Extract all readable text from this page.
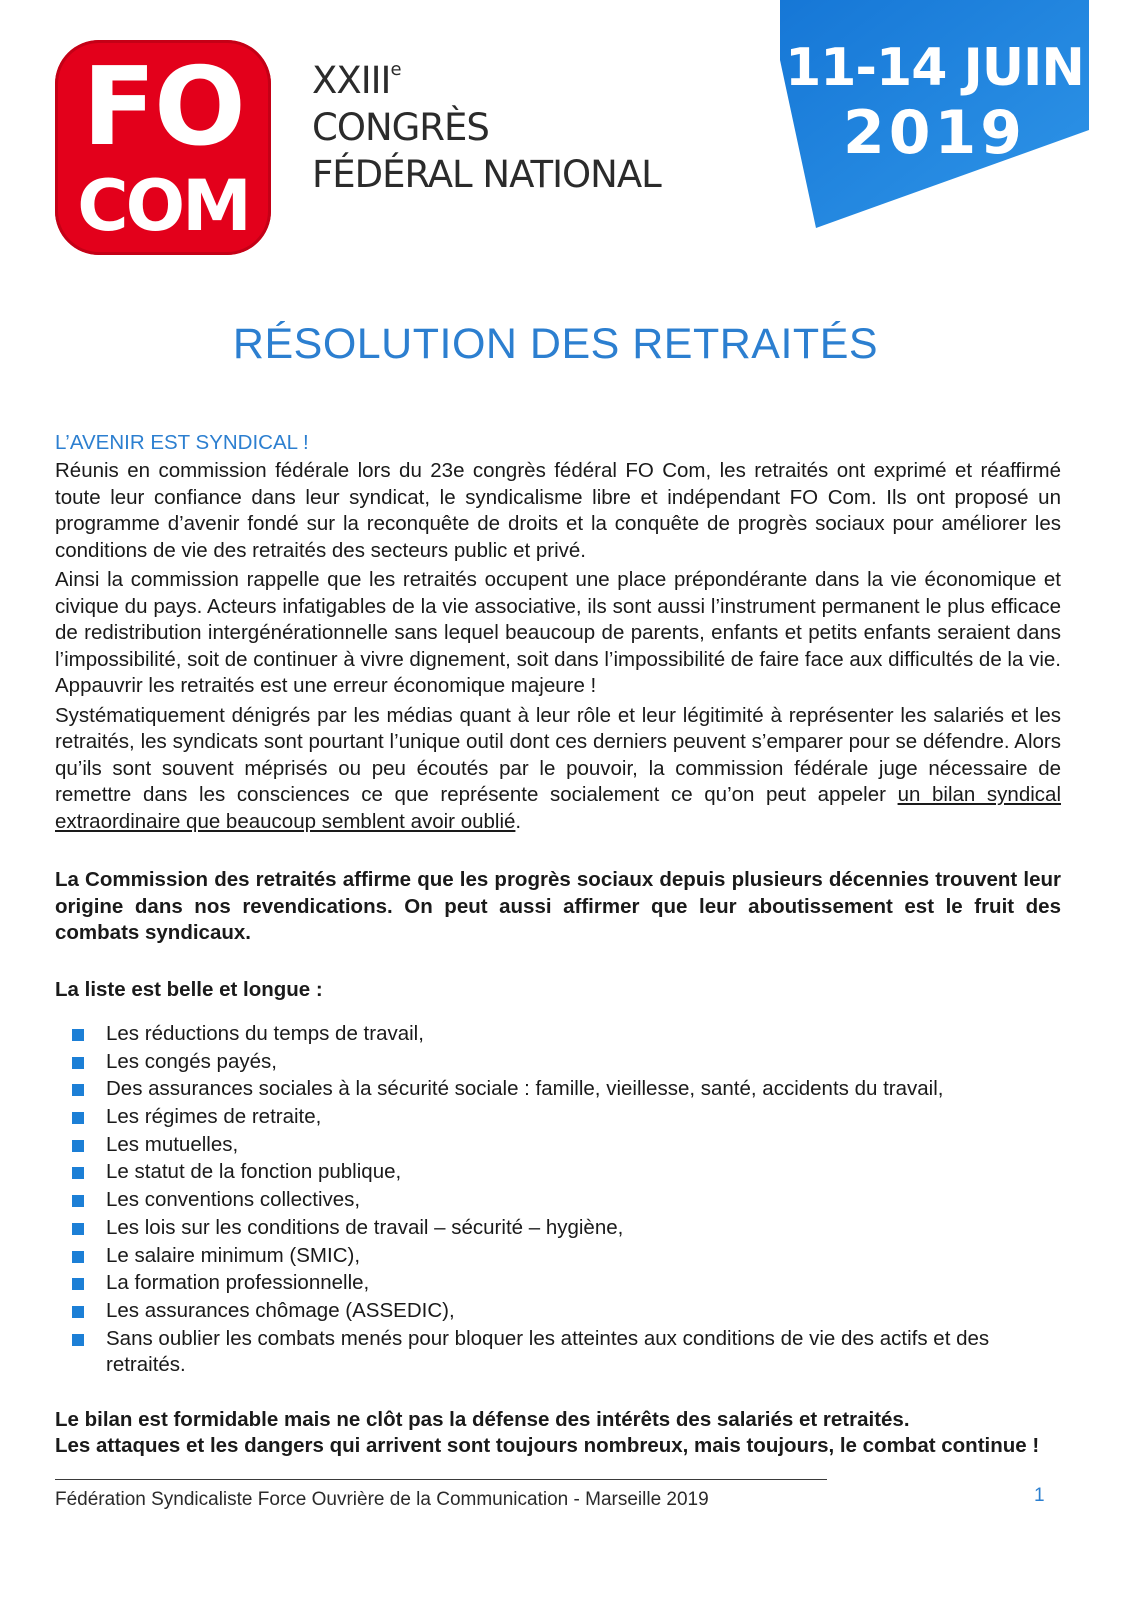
FO
COM
XXIIIe
CONGRÈS
FÉDÉRAL NATIONAL
11-14 JUIN
2019
RÉSOLUTION DES RETRAITÉS
L’AVENIR EST SYNDICAL !

Réunis en commission fédérale lors du 23e congrès fédéral FO Com, les retraités ont exprimé et réaffirmé toute leur confiance dans leur syndicat, le syndicalisme libre et indépendant FO Com. Ils ont proposé un programme d’avenir fondé sur la reconquête de droits et la conquête de progrès sociaux pour améliorer les conditions de vie des retraités des secteurs public et privé.

Ainsi la commission rappelle que les retraités occupent une place prépondérante dans la vie économique et civique du pays. Acteurs infatigables de la vie associative, ils sont aussi l’instrument permanent le plus efficace de redistribution intergénérationnelle sans lequel beaucoup de parents, enfants et petits enfants seraient dans l’impossibilité, soit de continuer à vivre dignement, soit dans l’impossibilité de faire face aux difficultés de la vie. Appauvrir les retraités est une erreur économique majeure !

Systématiquement dénigrés par les médias quant à leur rôle et leur légitimité à représenter les salariés et les retraités, les syndicats sont pourtant l’unique outil dont ces derniers peuvent s’emparer pour se défendre. Alors qu’ils sont souvent méprisés ou peu écoutés par le pouvoir, la commission fédérale juge nécessaire de remettre dans les consciences ce que représente socialement ce qu’on peut appeler un bilan syndical extraordinaire que beaucoup semblent avoir oublié.

La Commission des retraités affirme que les progrès sociaux depuis plusieurs décennies trouvent leur origine dans nos revendications. On peut aussi affirmer que leur aboutissement est le fruit des combats syndicaux.
La liste est belle et longue :
Les réductions du temps de travail,
Les congés payés,
Des assurances sociales à la sécurité sociale : famille, vieillesse, santé, accidents du travail,
Les régimes de retraite,
Les mutuelles,
Le statut de la fonction publique,
Les conventions collectives,
Les lois sur les conditions de travail – sécurité – hygiène,
Le salaire minimum (SMIC),
La formation professionnelle,
Les assurances chômage (ASSEDIC),
Sans oublier les combats menés pour bloquer les atteintes aux conditions de vie des actifs et des retraités.
Le bilan est formidable mais ne clôt pas la défense des intérêts des salariés et retraités.
Les attaques et les dangers qui arrivent sont toujours nombreux, mais toujours, le combat continue !
Fédération Syndicaliste Force Ouvrière de la Communication - Marseille 2019	1
